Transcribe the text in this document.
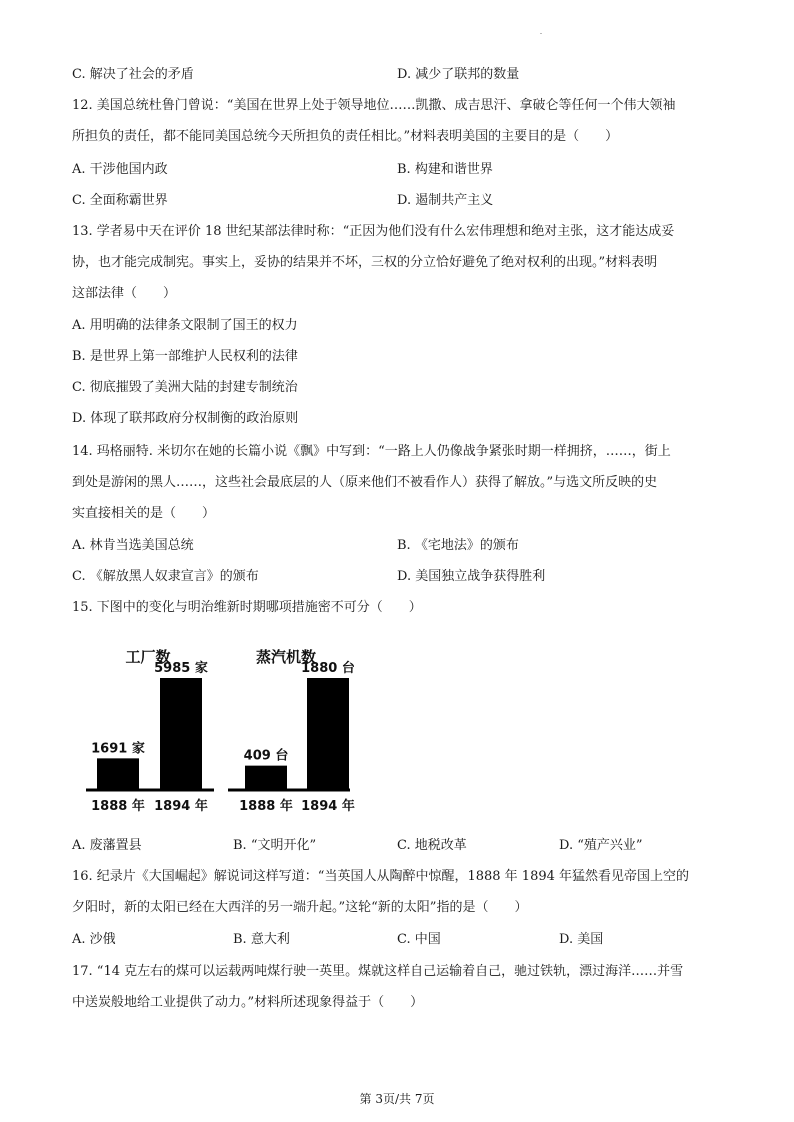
C. 解决了社会的矛盾	D. 减少了联邦的数量
12. 美国总统杜鲁门曾说：“美国在世界上处于领导地位……凯撒、成吉思汗、拿破仑等任何一个伟大领袖
所担负的责任，都不能同美国总统今天所担负的责任相比。”材料表明美国的主要目的是（　　）
A. 干涉他国内政	B. 构建和谐世界
C. 全面称霸世界	D. 遏制共产主义
13. 学者易中天在评价 18 世纪某部法律时称：“正因为他们没有什么宏伟理想和绝对主张，这才能达成妥
协，也才能完成制宪。事实上，妥协的结果并不坏，三权的分立恰好避免了绝对权利的出现。”材料表明
这部法律（　　）
A. 用明确的法律条文限制了国王的权力
B. 是世界上第一部维护人民权利的法律
C. 彻底摧毁了美洲大陆的封建专制统治
D. 体现了联邦政府分权制衡的政治原则
14. 玛格丽特. 米切尔在她的长篇小说《飘》中写到：“一路上人仍像战争紧张时期一样拥挤，……，街上
到处是游闲的黑人……，这些社会最底层的人（原来他们不被看作人）获得了解放。”与选文所反映的史
实直接相关的是（　　）
A. 林肯当选美国总统	B. 《宅地法》的颁布
C. 《解放黑人奴隶宣言》的颁布	D. 美国独立战争获得胜利
15. 下图中的变化与明治维新时期哪项措施密不可分（　　）
工厂数
1691 家
5985 家
1888 年 1894 年
蒸汽机数
409 台
1880 台
1888 年 1894 年
A. 废藩置县	B. “文明开化”	C. 地税改革	D. “殖产兴业”
16. 纪录片《大国崛起》解说词这样写道：“当英国人从陶醉中惊醒，1888 年 1894 年猛然看见帝国上空的
夕阳时，新的太阳已经在大西洋的另一端升起。”这轮“新的太阳”指的是（　　）
A. 沙俄	B. 意大利	C. 中国	D. 美国
17. “14 克左右的煤可以运载两吨煤行驶一英里。煤就这样自己运输着自己，驰过铁轨，漂过海洋……并雪
中送炭般地给工业提供了动力。”材料所述现象得益于（　　）
第 3页/共 7页
